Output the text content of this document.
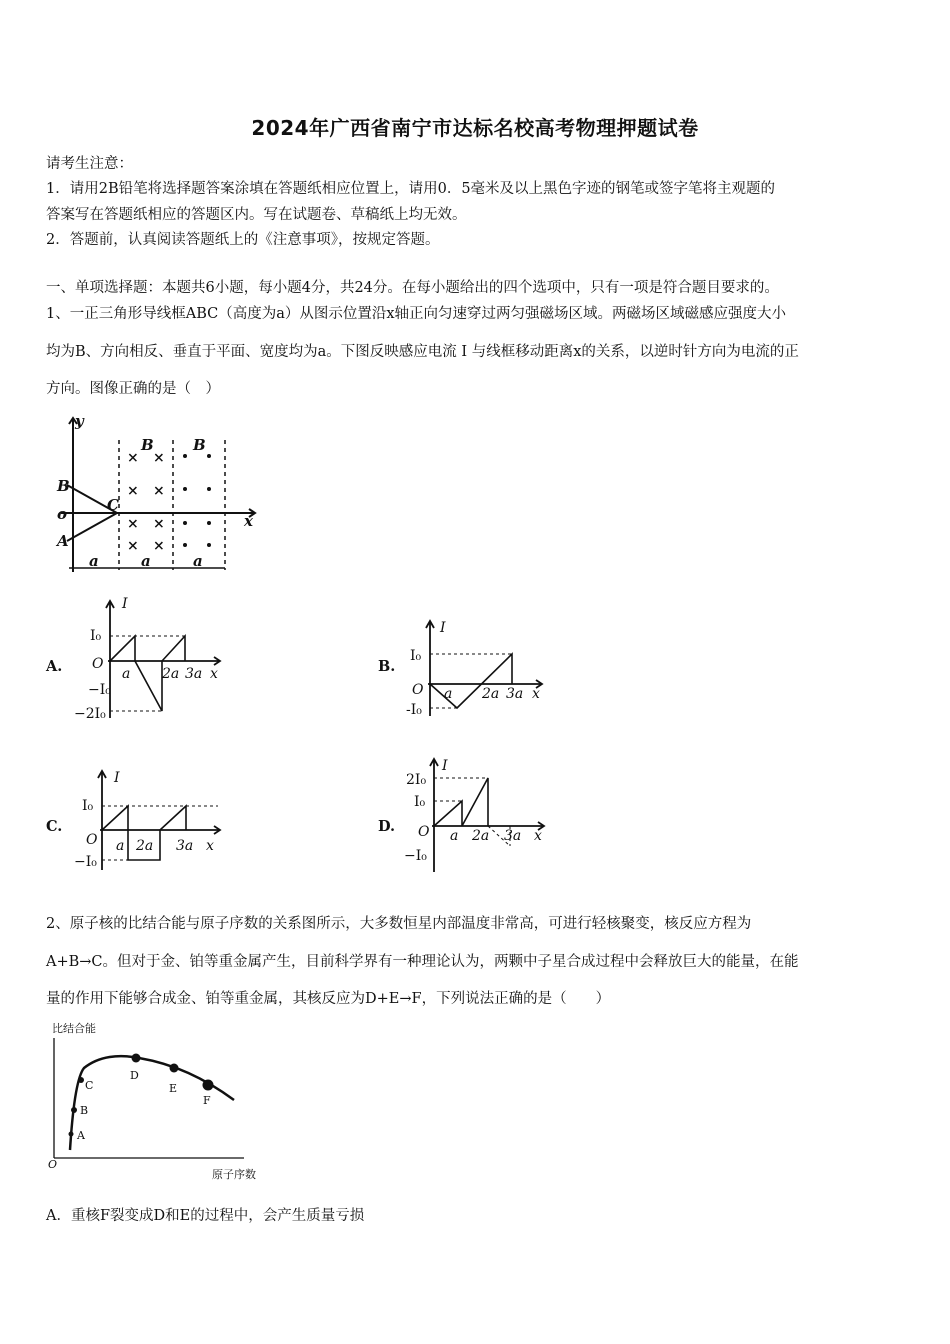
2024年广西省南宁市达标名校高考物理押题试卷
请考生注意：
1．请用2B铅笔将选择题答案涂填在答题纸相应位置上，请用0．5毫米及以上黑色字迹的钢笔或签字笔将主观题的
答案写在答题纸相应的答题区内。写在试题卷、草稿纸上均无效。
2．答题前，认真阅读答题纸上的《注意事项》，按规定答题。
一、单项选择题：本题共6小题，每小题4分，共24分。在每小题给出的四个选项中，只有一项是符合题目要求的。
1、一正三角形导线框ABC（高度为a）从图示位置沿x轴正向匀速穿过两匀强磁场区域。两磁场区域磁感应强度大小
均为B、方向相反、垂直于平面、宽度均为a。下图反映感应电流 I 与线框移动距离x的关系，以逆时针方向为电流的正
方向。图像正确的是（　）
y
x
o
B
A
C
B	B
a	a	a
× ×
× ×
× ×
× ×
A.
I
I₀
O
−I₀
−2I₀
a 2a 3a x	B.
I
I₀
O
-I₀
a 2a 3a x
C.
I
I₀
O
−I₀
a 2a 3a x
D.
I
2I₀
I₀
O
−I₀
a 2a 3a x
2、原子核的比结合能与原子序数的关系图所示，大多数恒星内部温度非常高，可进行轻核聚变，核反应方程为
A+B→C。但对于金、铂等重金属产生，目前科学界有一种理论认为，两颗中子星合成过程中会释放巨大的能量，在能
量的作用下能够合成金、铂等重金属，其核反应为D+E→F，下列说法正确的是（　　）
比结合能
原子序数
O
A
B
C
D
E
F
A．重核F裂变成D和E的过程中，会产生质量亏损
